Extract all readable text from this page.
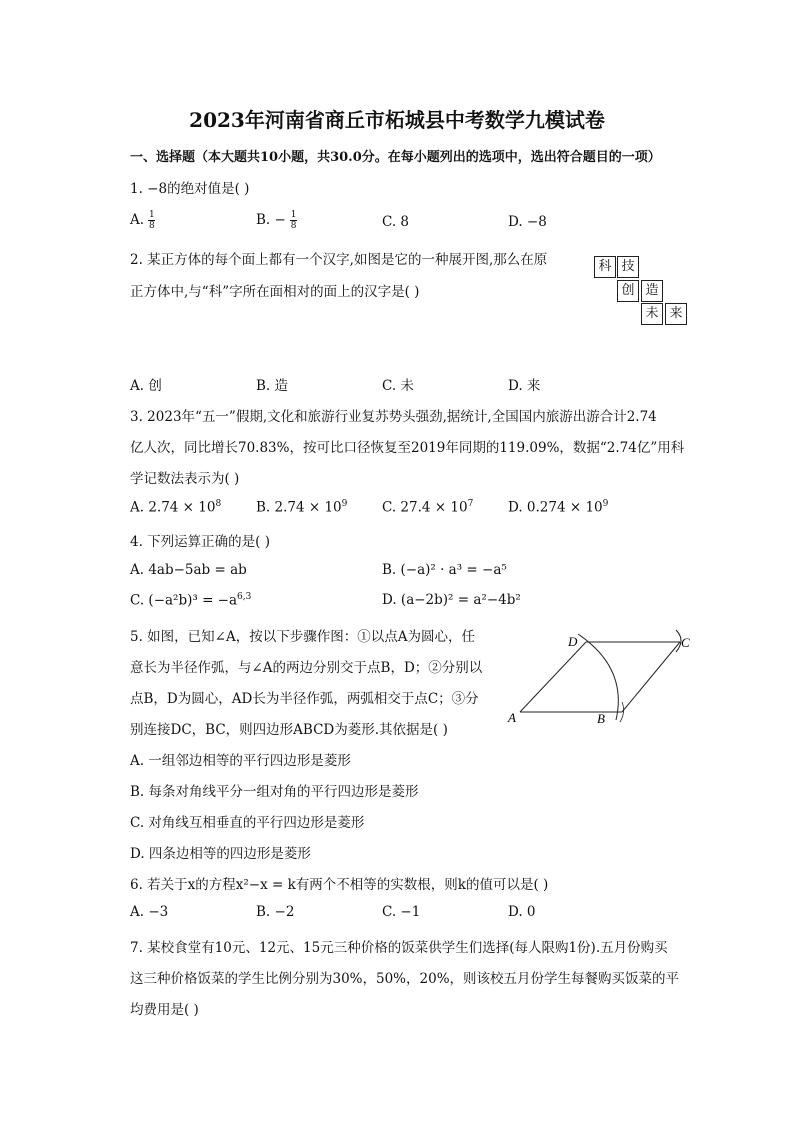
2023年河南省商丘市柘城县中考数学九模试卷
一、选择题（本大题共10小题，共30.0分。在每小题列出的选项中，选出符合题目的一项）
1. −8的绝对值是( )
A. $\frac{1}{8}$	B. − $\frac{1}{8}$	C. 8	D. −8
2. 某正方体的每个面上都有一个汉字,如图是它的一种展开图,那么在原
正方体中,与“科”字所在面相对的面上的汉字是( )
科 技
创 造
未 来
A. 创	B. 造	C. 未	D. 来
3. 2023年“五一”假期,文化和旅游行业复苏势头强劲,据统计,全国国内旅游出游合计2.74
亿人次，同比增长70.83%，按可比口径恢复至2019年同期的119.09%，数据“2.74亿”用科
学记数法表示为( )
A. $2.74 \times 10^8$	B. $2.74 \times 10^9$	C. $27.4 \times 10^7$	D. $0.274 \times 10^9$
4. 下列运算正确的是( )
A. 4ab−5ab = ab	B. (−a)² · a³ = −a⁵
C. $(-a^2b)^3 = -a^{6,3}$	D. (a−2b)² = a²−4b²
5. 如图，已知∠A，按以下步骤作图：①以点A为圆心，任
意长为半径作弧，与∠A的两边分别交于点B，D；②分别以
点B，D为圆心，AD长为半径作弧，两弧相交于点C；③分
别连接DC，BC，则四边形ABCD为菱形.其依据是( )
A	B
C
D
A. 一组邻边相等的平行四边形是菱形
B. 每条对角线平分一组对角的平行四边形是菱形
C. 对角线互相垂直的平行四边形是菱形
D. 四条边相等的四边形是菱形
6. 若关于x的方程x²−x = k有两个不相等的实数根，则k的值可以是( )
A. −3	B. −2	C. −1	D. 0
7. 某校食堂有10元、12元、15元三种价格的饭菜供学生们选择(每人限购1份).五月份购买
这三种价格饭菜的学生比例分别为30%，50%，20%，则该校五月份学生每餐购买饭菜的平
均费用是( )
